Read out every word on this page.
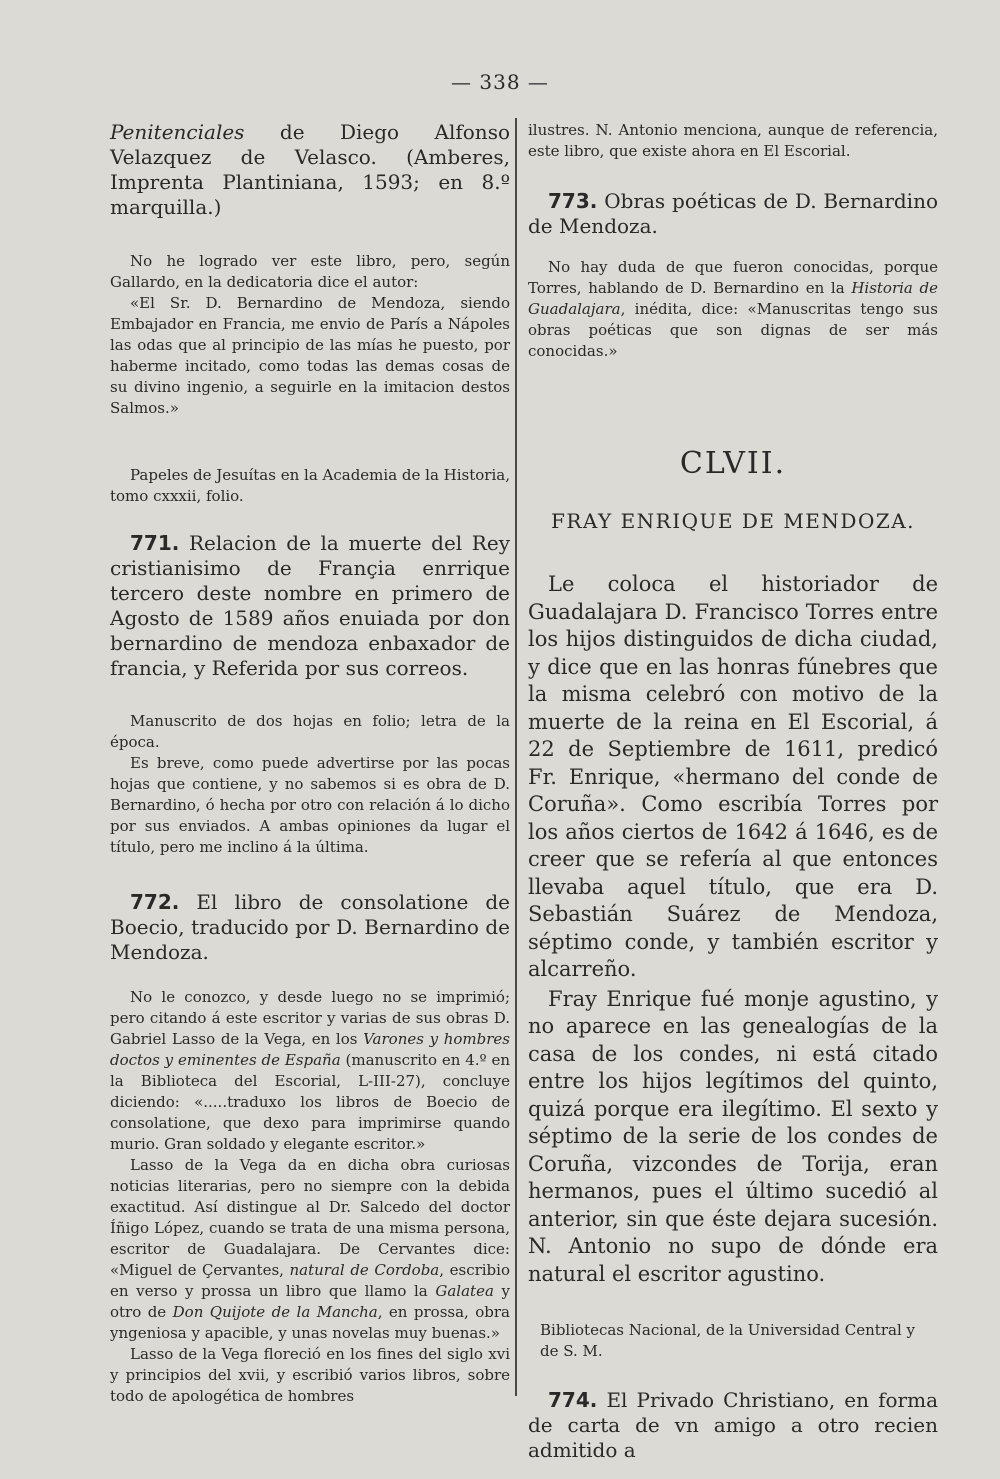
— 338 —

Penitenciales de Diego Alfonso Velazquez de Velasco. (Amberes, Imprenta Plantiniana, 1593; en 8.º marquilla.)

No he logrado ver este libro, pero, según Gallardo, en la dedicatoria dice el autor:

«El Sr. D. Bernardino de Mendoza, siendo Embajador en Francia, me envio de París a Nápoles las odas que al principio de las mías he puesto, por haberme incitado, como todas las demas cosas de su divino ingenio, a seguirle en la imitacion destos Salmos.»

Papeles de Jesuítas en la Academia de la Historia, tomo cxxxii, folio.

771. Relacion de la muerte del Rey cristianisimo de Françia enrrique tercero deste nombre en primero de Agosto de 1589 años enuiada por don bernardino de mendoza enbaxador de francia, y Referida por sus correos.

Manuscrito de dos hojas en folio; letra de la época.

Es breve, como puede advertirse por las pocas hojas que contiene, y no sabemos si es obra de D. Bernardino, ó hecha por otro con relación á lo dicho por sus enviados. A ambas opiniones da lugar el título, pero me inclino á la última.

772. El libro de consolatione de Boecio, traducido por D. Bernardino de Mendoza.

No le conozco, y desde luego no se imprimió; pero citando á este escritor y varias de sus obras D. Gabriel Lasso de la Vega, en los Varones y hombres doctos y eminentes de España (manuscrito en 4.º en la Biblioteca del Escorial, L-III-27), concluye diciendo: «.....traduxo los libros de Boecio de consolatione, que dexo para imprimirse quando murio. Gran soldado y elegante escritor.»

Lasso de la Vega da en dicha obra curiosas noticias literarias, pero no siempre con la debida exactitud. Así distingue al Dr. Salcedo del doctor Íñigo López, cuando se trata de una misma persona, escritor de Guadalajara. De Cervantes dice: «Miguel de Çervantes, natural de Cordoba, escribio en verso y prossa un libro que llamo la Galatea y otro de Don Quijote de la Mancha, en prossa, obra yngeniosa y apacible, y unas novelas muy buenas.»

Lasso de la Vega floreció en los fines del siglo xvi y principios del xvii, y escribió varios libros, sobre todo de apologética de hombres

ilustres. N. Antonio menciona, aunque de referencia, este libro, que existe ahora en El Escorial.

773. Obras poéticas de D. Bernardino de Mendoza.

No hay duda de que fueron conocidas, porque Torres, hablando de D. Bernardino en la Historia de Guadalajara, inédita, dice: «Manuscritas tengo sus obras poéticas que son dignas de ser más conocidas.»

CLVII.

FRAY ENRIQUE DE MENDOZA.

Le coloca el historiador de Guadalajara D. Francisco Torres entre los hijos distinguidos de dicha ciudad, y dice que en las honras fúnebres que la misma celebró con motivo de la muerte de la reina en El Escorial, á 22 de Septiembre de 1611, predicó Fr. Enrique, «hermano del conde de Coruña». Como escribía Torres por los años ciertos de 1642 á 1646, es de creer que se refería al que entonces llevaba aquel título, que era D. Sebastián Suárez de Mendoza, séptimo conde, y también escritor y alcarreño.

Fray Enrique fué monje agustino, y no aparece en las genealogías de la casa de los condes, ni está citado entre los hijos legítimos del quinto, quizá porque era ilegítimo. El sexto y séptimo de la serie de los condes de Coruña, vizcondes de Torija, eran hermanos, pues el último sucedió al anterior, sin que éste dejara sucesión. N. Antonio no supo de dónde era natural el escritor agustino.

Bibliotecas Nacional, de la Universidad Central y de S. M.

774. El Privado Christiano, en forma de carta de vn amigo a otro recien admitido a
